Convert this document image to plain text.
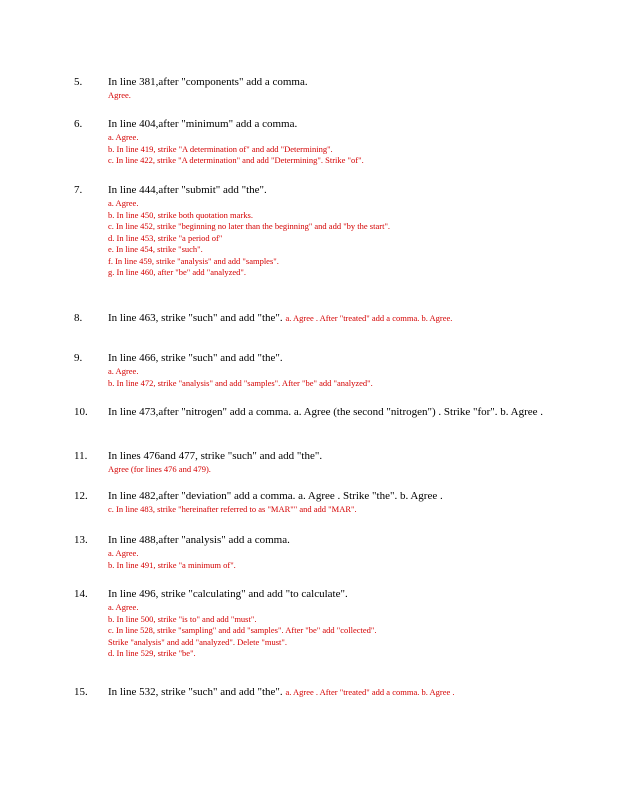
5. In line 381,after "components" add a comma.
Agree.
6. In line 404,after "minimum" add a comma.
a. Agree.
b. In line 419, strike "A determination of" and add "Determining".
c. In line 422, strike "A determination" and add "Determining". Strike "of".
7. In line 444,after "submit" add "the".
a. Agree.
b. In line 450, strike both quotation marks.
c. In line 452, strike "beginning no later than the beginning" and add "by the start".
d. In line 453, strike "a period of"
e. In line 454, strike "such".
f. In line 459, strike "analysis" and add "samples".
g. In line 460, after "be" add "analyzed".
8. In line 463, strike "such" and add "the". a. Agree . After "treated" add a comma. b. Agree.
9. In line 466, strike "such" and add "the".
a. Agree.
b. In line 472, strike "analysis" and add "samples". After "be" add "analyzed".
10. In line 473,after "nitrogen" add a comma. a. Agree (the second "nitrogen") . Strike "for". b. Agree .
11. In lines 476and 477, strike "such" and add "the".
Agree (for lines 476 and 479).
12. In line 482,after "deviation" add a comma. a. Agree . Strike "the". b. Agree .
c. In line 483, strike "hereinafter referred to as "MAR"" and add "MAR".
13. In line 488,after "analysis" add a comma.
a. Agree.
b. In line 491, strike "a minimum of".
14. In line 496, strike "calculating" and add "to calculate".
a. Agree.
b. In line 500, strike "is to" and add "must".
c. In line 528, strike "sampling" and add "samples". After "be" add "collected".
Strike "analysis" and add "analyzed". Delete "must".
d. In line 529, strike "be".
15. In line 532, strike "such" and add "the". a. Agree . After "treated" add a comma. b. Agree .
